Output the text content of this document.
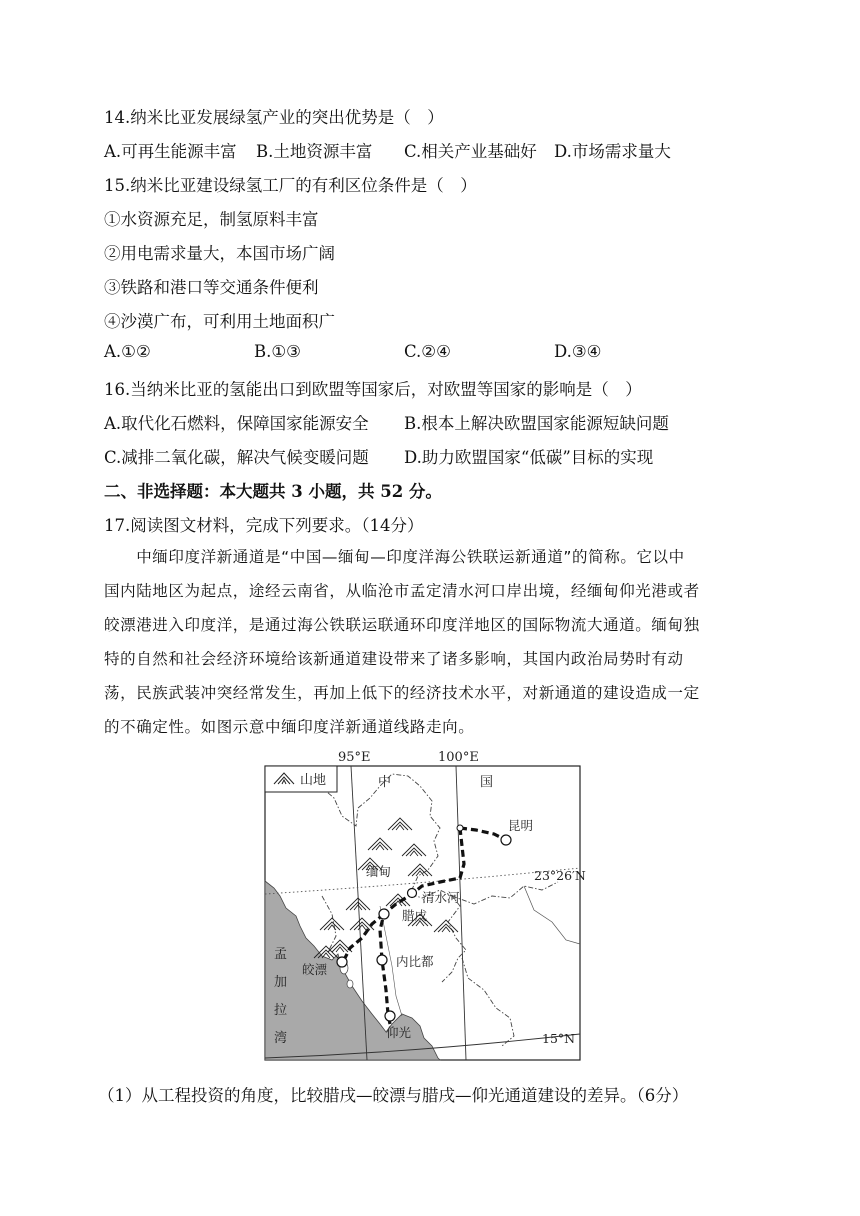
14.纳米比亚发展绿氢产业的突出优势是（　）
A.可再生能源丰富 B.土地资源丰富 C.相关产业基础好 D.市场需求量大
15.纳米比亚建设绿氢工厂的有利区位条件是（　）
①水资源充足，制氢原料丰富
②用电需求量大，本国市场广阔
③铁路和港口等交通条件便利
④沙漠广布，可利用土地面积广
A.①②	B.①③	C.②④	D.③④
16.当纳米比亚的氢能出口到欧盟等国家后，对欧盟等国家的影响是（　）
A.取代化石燃料，保障国家能源安全 B.根本上解决欧盟国家能源短缺问题
C.减排二氧化碳，解决气候变暖问题 D.助力欧盟国家“低碳”目标的实现
二、非选择题：本大题共 3 小题，共 52 分。
17.阅读图文材料，完成下列要求。（14分）
　　中缅印度洋新通道是“中国—缅甸—印度洋海公铁联运新通道”的简称。它以中
国内陆地区为起点，途经云南省，从临沧市孟定清水河口岸出境，经缅甸仰光港或者
皎漂港进入印度洋，是通过海公铁联运联通环印度洋地区的国际物流大通道。缅甸独
特的自然和社会经济环境给该新通道建设带来了诸多影响，其国内政治局势时有动
荡，民族武装冲突经常发生，再加上低下的经济技术水平，对新通道的建设造成一定
的不确定性。如图示意中缅印度洋新通道线路走向。
95°E	100°E
山地	中	国
昆明
缅甸	23°26′N
清水河
腊戌
内比都
皎漂
仰光	15°N
孟
加
拉
湾
（1）从工程投资的角度，比较腊戌—皎漂与腊戌—仰光通道建设的差异。（6分）
